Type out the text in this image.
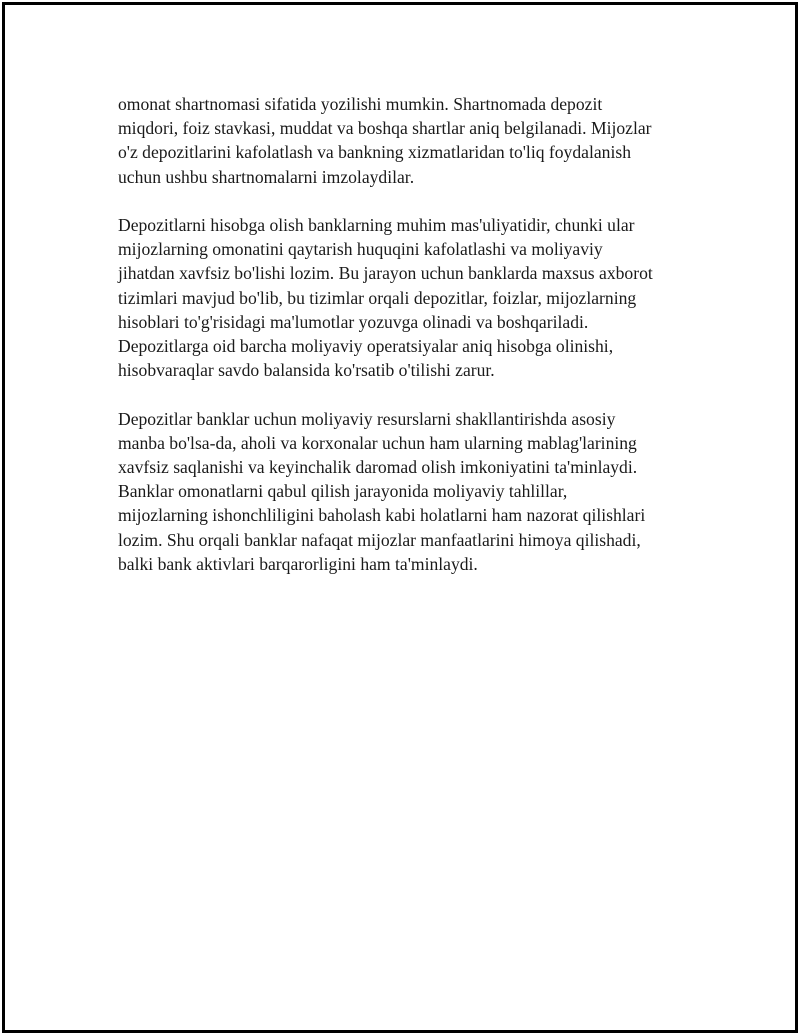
omonat shartnomasi sifatida yozilishi mumkin. Shartnomada depozit
miqdori, foiz stavkasi, muddat va boshqa shartlar aniq belgilanadi. Mijozlar
o'z depozitlarini kafolatlash va bankning xizmatlaridan to'liq foydalanish
uchun ushbu shartnomalarni imzolaydilar.

Depozitlarni hisobga olish banklarning muhim mas'uliyatidir, chunki ular
mijozlarning omonatini qaytarish huquqini kafolatlashi va moliyaviy
jihatdan xavfsiz bo'lishi lozim. Bu jarayon uchun banklarda maxsus axborot
tizimlari mavjud bo'lib, bu tizimlar orqali depozitlar, foizlar, mijozlarning
hisoblari to'g'risidagi ma'lumotlar yozuvga olinadi va boshqariladi.
Depozitlarga oid barcha moliyaviy operatsiyalar aniq hisobga olinishi,
hisobvaraqlar savdo balansida ko'rsatib o'tilishi zarur.

Depozitlar banklar uchun moliyaviy resurslarni shakllantirishda asosiy
manba bo'lsa-da, aholi va korxonalar uchun ham ularning mablag'larining
xavfsiz saqlanishi va keyinchalik daromad olish imkoniyatini ta'minlaydi.
Banklar omonatlarni qabul qilish jarayonida moliyaviy tahlillar,
mijozlarning ishonchliligini baholash kabi holatlarni ham nazorat qilishlari
lozim. Shu orqali banklar nafaqat mijozlar manfaatlarini himoya qilishadi,
balki bank aktivlari barqarorligini ham ta'minlaydi.
